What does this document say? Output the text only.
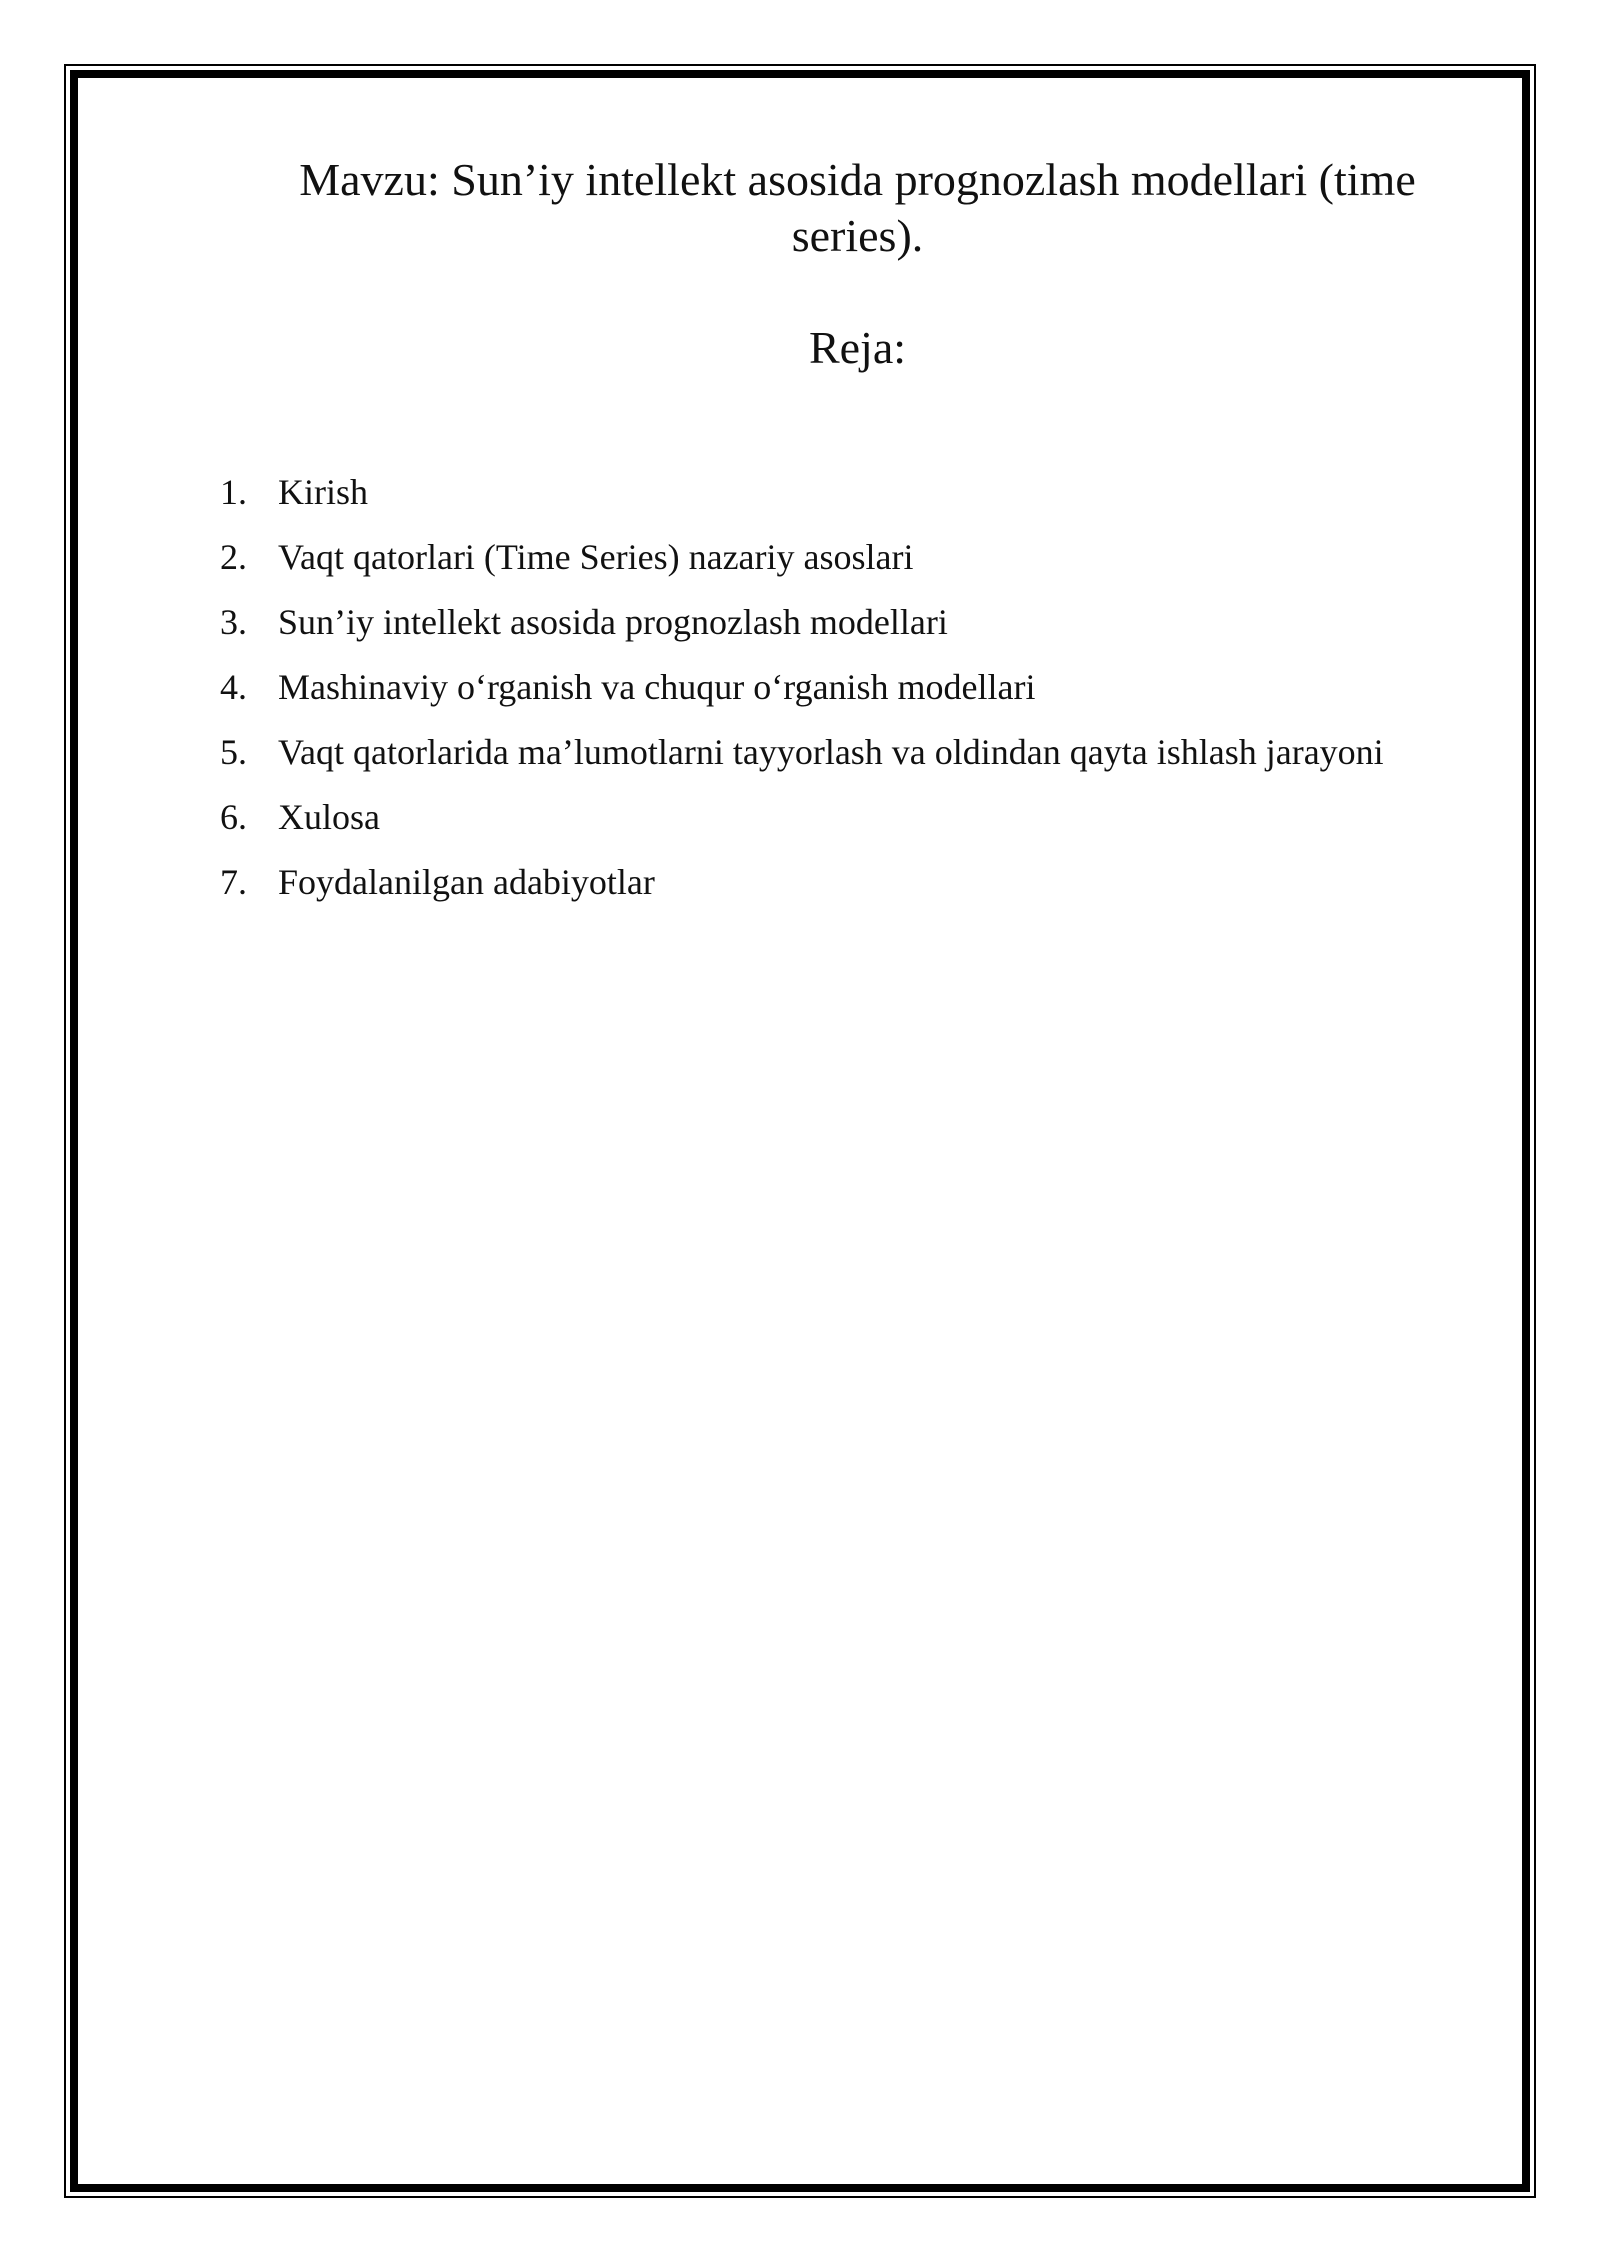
Mavzu: Sun’iy intellekt asosida prognozlash modellari (time series).
Reja:
1. Kirish
2. Vaqt qatorlari (Time Series) nazariy asoslari
3. Sun’iy intellekt asosida prognozlash modellari
4. Mashinaviy o‘rganish va chuqur o‘rganish modellari
5. Vaqt qatorlarida ma’lumotlarni tayyorlash va oldindan qayta ishlash jarayoni
6. Xulosa
7. Foydalanilgan adabiyotlar
